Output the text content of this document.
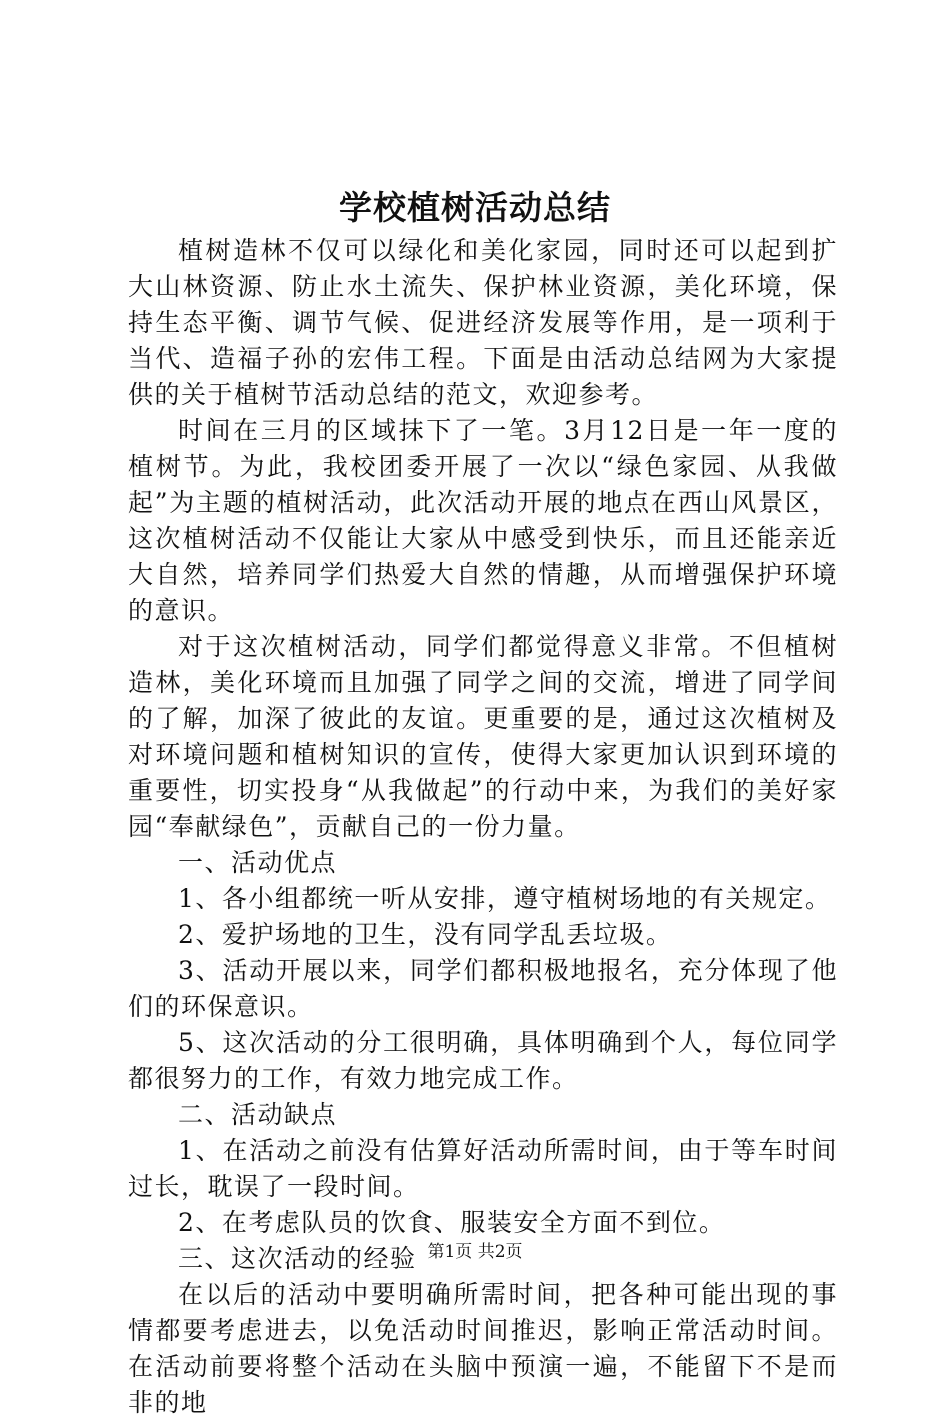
学校植树活动总结

植树造林不仅可以绿化和美化家园，同时还可以起到扩大山林资源、防止水土流失、保护林业资源，美化环境，保持生态平衡、调节气候、促进经济发展等作用，是一项利于当代、造福子孙的宏伟工程。下面是由活动总结网为大家提供的关于植树节活动总结的范文，欢迎参考。

时间在三月的区域抹下了一笔。3月12日是一年一度的植树节。为此，我校团委开展了一次以“绿色家园、从我做起”为主题的植树活动，此次活动开展的地点在西山风景区，这次植树活动不仅能让大家从中感受到快乐，而且还能亲近大自然，培养同学们热爱大自然的情趣，从而增强保护环境的意识。

对于这次植树活动，同学们都觉得意义非常。不但植树造林，美化环境而且加强了同学之间的交流，增进了同学间的了解，加深了彼此的友谊。更重要的是，通过这次植树及对环境问题和植树知识的宣传，使得大家更加认识到环境的重要性，切实投身“从我做起”的行动中来，为我们的美好家园“奉献绿色”，贡献自己的一份力量。

一、活动优点

1、各小组都统一听从安排，遵守植树场地的有关规定。

2、爱护场地的卫生，没有同学乱丢垃圾。

3、活动开展以来，同学们都积极地报名，充分体现了他们的环保意识。

5、这次活动的分工很明确，具体明确到个人，每位同学都很努力的工作，有效力地完成工作。

二、活动缺点

1、在活动之前没有估算好活动所需时间，由于等车时间过长，耽误了一段时间。

2、在考虑队员的饮食、服装安全方面不到位。

三、这次活动的经验

在以后的活动中要明确所需时间，把各种可能出现的事情都要考虑进去，以免活动时间推迟，影响正常活动时间。在活动前要将整个活动在头脑中预演一遍，不能留下不是而非的地

第1页 共2页
